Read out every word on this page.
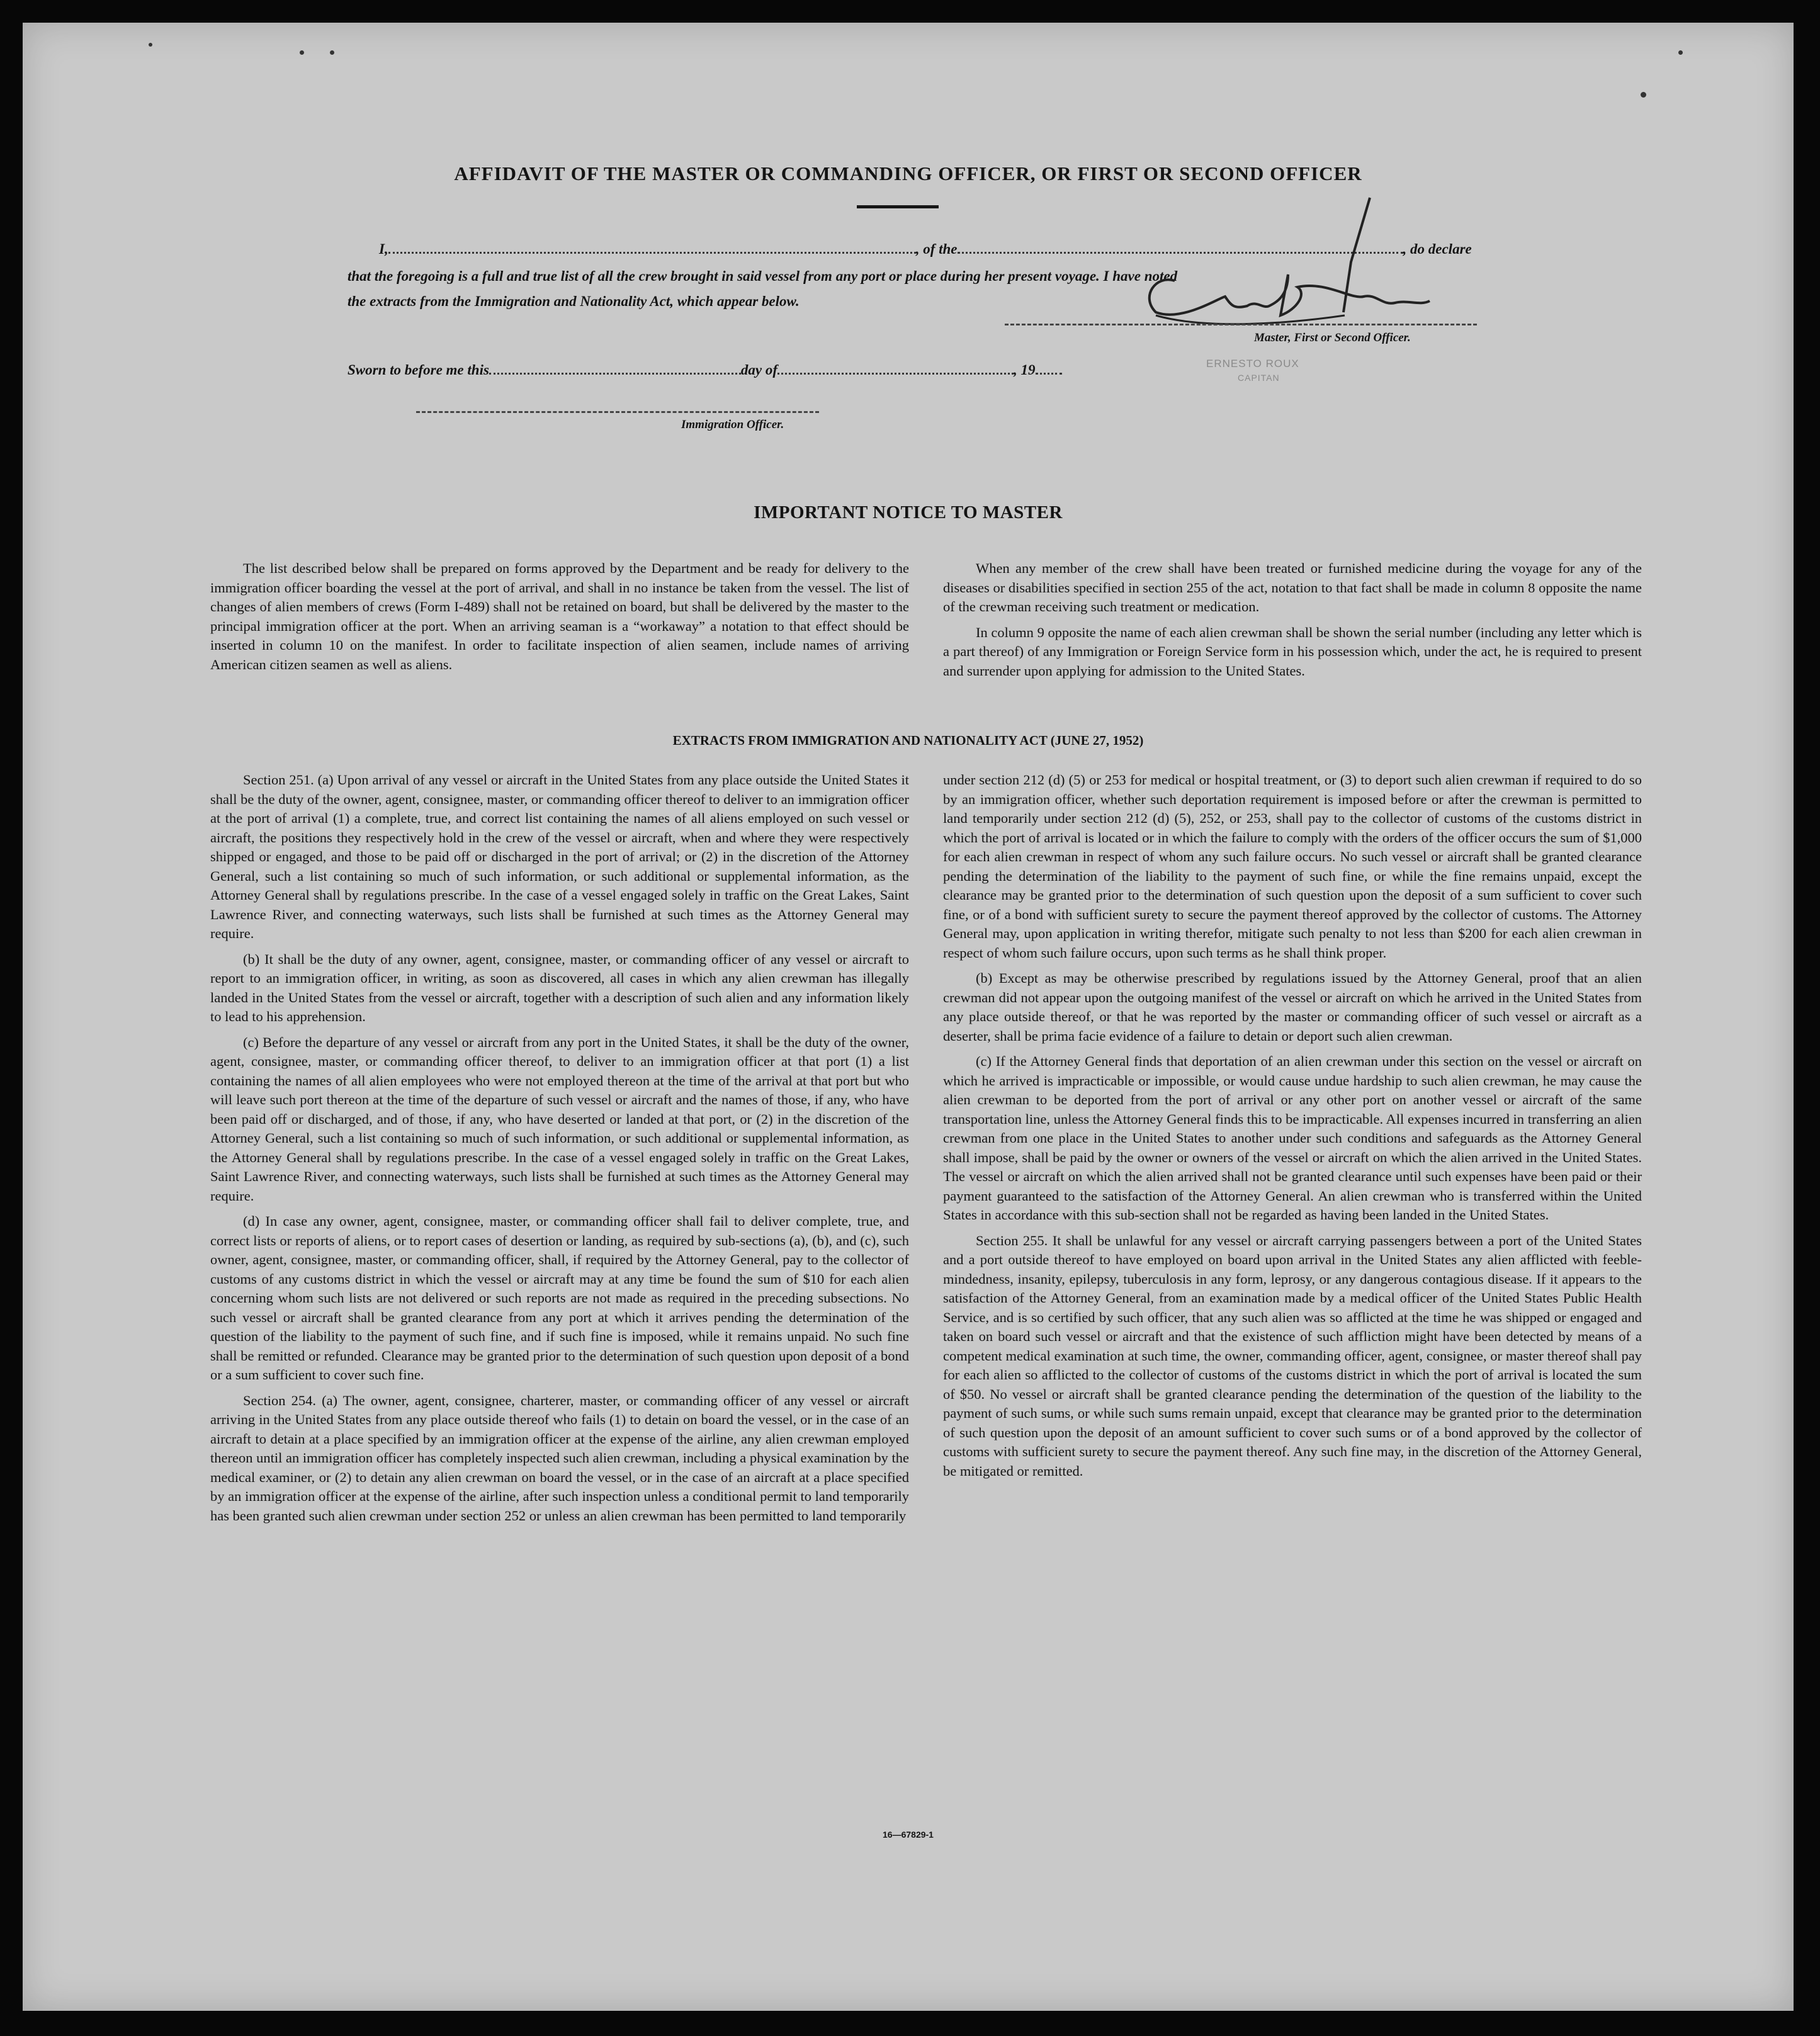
AFFIDAVIT OF THE MASTER OR COMMANDING OFFICER, OR FIRST OR SECOND OFFICER
I,	, of the	, do declare
that the foregoing is a full and true list of all the crew brought in said vessel from any port or place during her present voyage. I have noted
the extracts from the Immigration and Nationality Act, which appear below.
Master, First or Second Officer.
Sworn to before me this	day of	, 19	ERNESTO ROUX
CAPITAN
Immigration Officer.
IMPORTANT NOTICE TO MASTER

The list described below shall be prepared on forms approved by the Department and be ready for delivery to the immigration officer boarding the vessel at the port of arrival, and shall in no instance be taken from the vessel. The list of changes of alien members of crews (Form I-489) shall not be retained on board, but shall be delivered by the master to the principal immigration officer at the port. When an arriving seaman is a “workaway” a notation to that effect should be inserted in column 10 on the manifest. In order to facilitate inspection of alien seamen, include names of arriving American citizen seamen as well as aliens.

When any member of the crew shall have been treated or furnished medicine during the voyage for any of the diseases or disabilities specified in section 255 of the act, notation to that fact shall be made in column 8 opposite the name of the crewman receiving such treatment or medication.

In column 9 opposite the name of each alien crewman shall be shown the serial number (including any letter which is a part thereof) of any Immigration or Foreign Service form in his possession which, under the act, he is required to present and surrender upon applying for admission to the United States.

EXTRACTS FROM IMMIGRATION AND NATIONALITY ACT (JUNE 27, 1952)

Section 251. (a) Upon arrival of any vessel or aircraft in the United States from any place outside the United States it shall be the duty of the owner, agent, consignee, master, or commanding officer thereof to deliver to an immigration officer at the port of arrival (1) a complete, true, and correct list containing the names of all aliens employed on such vessel or aircraft, the positions they respectively hold in the crew of the vessel or aircraft, when and where they were respectively shipped or engaged, and those to be paid off or discharged in the port of arrival; or (2) in the discretion of the Attorney General, such a list containing so much of such information, or such additional or supplemental information, as the Attorney General shall by regulations prescribe. In the case of a vessel engaged solely in traffic on the Great Lakes, Saint Lawrence River, and connecting waterways, such lists shall be furnished at such times as the Attorney General may require.

(b) It shall be the duty of any owner, agent, consignee, master, or commanding officer of any vessel or aircraft to report to an immigration officer, in writing, as soon as discovered, all cases in which any alien crewman has illegally landed in the United States from the vessel or aircraft, together with a description of such alien and any information likely to lead to his apprehension.

(c) Before the departure of any vessel or aircraft from any port in the United States, it shall be the duty of the owner, agent, consignee, master, or commanding officer thereof, to deliver to an immigration officer at that port (1) a list containing the names of all alien employees who were not employed thereon at the time of the arrival at that port but who will leave such port thereon at the time of the departure of such vessel or aircraft and the names of those, if any, who have been paid off or discharged, and of those, if any, who have deserted or landed at that port, or (2) in the discretion of the Attorney General, such a list containing so much of such information, or such additional or supplemental information, as the Attorney General shall by regulations prescribe. In the case of a vessel engaged solely in traffic on the Great Lakes, Saint Lawrence River, and connecting waterways, such lists shall be furnished at such times as the Attorney General may require.

(d) In case any owner, agent, consignee, master, or commanding officer shall fail to deliver complete, true, and correct lists or reports of aliens, or to report cases of desertion or landing, as required by sub-sections (a), (b), and (c), such owner, agent, consignee, master, or commanding officer, shall, if required by the Attorney General, pay to the collector of customs of any customs district in which the vessel or aircraft may at any time be found the sum of $10 for each alien concerning whom such lists are not delivered or such reports are not made as required in the preceding subsections. No such vessel or aircraft shall be granted clearance from any port at which it arrives pending the determination of the question of the liability to the payment of such fine, and if such fine is imposed, while it remains unpaid. No such fine shall be remitted or refunded. Clearance may be granted prior to the determination of such question upon deposit of a bond or a sum sufficient to cover such fine.

Section 254. (a) The owner, agent, consignee, charterer, master, or commanding officer of any vessel or aircraft arriving in the United States from any place outside thereof who fails (1) to detain on board the vessel, or in the case of an aircraft to detain at a place specified by an immigration officer at the expense of the airline, any alien crewman employed thereon until an immigration officer has completely inspected such alien crewman, including a physical examination by the medical examiner, or (2) to detain any alien crewman on board the vessel, or in the case of an aircraft at a place specified by an immigration officer at the expense of the airline, after such inspection unless a conditional permit to land temporarily has been granted such alien crewman under section 252 or unless an alien crewman has been permitted to land temporarily

under section 212 (d) (5) or 253 for medical or hospital treatment, or (3) to deport such alien crewman if required to do so by an immigration officer, whether such deportation requirement is imposed before or after the crewman is permitted to land temporarily under section 212 (d) (5), 252, or 253, shall pay to the collector of customs of the customs district in which the port of arrival is located or in which the failure to comply with the orders of the officer occurs the sum of $1,000 for each alien crewman in respect of whom any such failure occurs. No such vessel or aircraft shall be granted clearance pending the determination of the liability to the payment of such fine, or while the fine remains unpaid, except the clearance may be granted prior to the determination of such question upon the deposit of a sum sufficient to cover such fine, or of a bond with sufficient surety to secure the payment thereof approved by the collector of customs. The Attorney General may, upon application in writing therefor, mitigate such penalty to not less than $200 for each alien crewman in respect of whom such failure occurs, upon such terms as he shall think proper.

(b) Except as may be otherwise prescribed by regulations issued by the Attorney General, proof that an alien crewman did not appear upon the outgoing manifest of the vessel or aircraft on which he arrived in the United States from any place outside thereof, or that he was reported by the master or commanding officer of such vessel or aircraft as a deserter, shall be prima facie evidence of a failure to detain or deport such alien crewman.

(c) If the Attorney General finds that deportation of an alien crewman under this section on the vessel or aircraft on which he arrived is impracticable or impossible, or would cause undue hardship to such alien crewman, he may cause the alien crewman to be deported from the port of arrival or any other port on another vessel or aircraft of the same transportation line, unless the Attorney General finds this to be impracticable. All expenses incurred in transferring an alien crewman from one place in the United States to another under such conditions and safeguards as the Attorney General shall impose, shall be paid by the owner or owners of the vessel or aircraft on which the alien arrived in the United States. The vessel or aircraft on which the alien arrived shall not be granted clearance until such expenses have been paid or their payment guaranteed to the satisfaction of the Attorney General. An alien crewman who is transferred within the United States in accordance with this sub-section shall not be regarded as having been landed in the United States.

Section 255. It shall be unlawful for any vessel or aircraft carrying passengers between a port of the United States and a port outside thereof to have employed on board upon arrival in the United States any alien afflicted with feeble-mindedness, insanity, epilepsy, tuberculosis in any form, leprosy, or any dangerous contagious disease. If it appears to the satisfaction of the Attorney General, from an examination made by a medical officer of the United States Public Health Service, and is so certified by such officer, that any such alien was so afflicted at the time he was shipped or engaged and taken on board such vessel or aircraft and that the existence of such affliction might have been detected by means of a competent medical examination at such time, the owner, commanding officer, agent, consignee, or master thereof shall pay for each alien so afflicted to the collector of customs of the customs district in which the port of arrival is located the sum of $50. No vessel or aircraft shall be granted clearance pending the determination of the question of the liability to the payment of such sums, or while such sums remain unpaid, except that clearance may be granted prior to the determination of such question upon the deposit of an amount sufficient to cover such sums or of a bond approved by the collector of customs with sufficient surety to secure the payment thereof. Any such fine may, in the discretion of the Attorney General, be mitigated or remitted.

16—67829-1
